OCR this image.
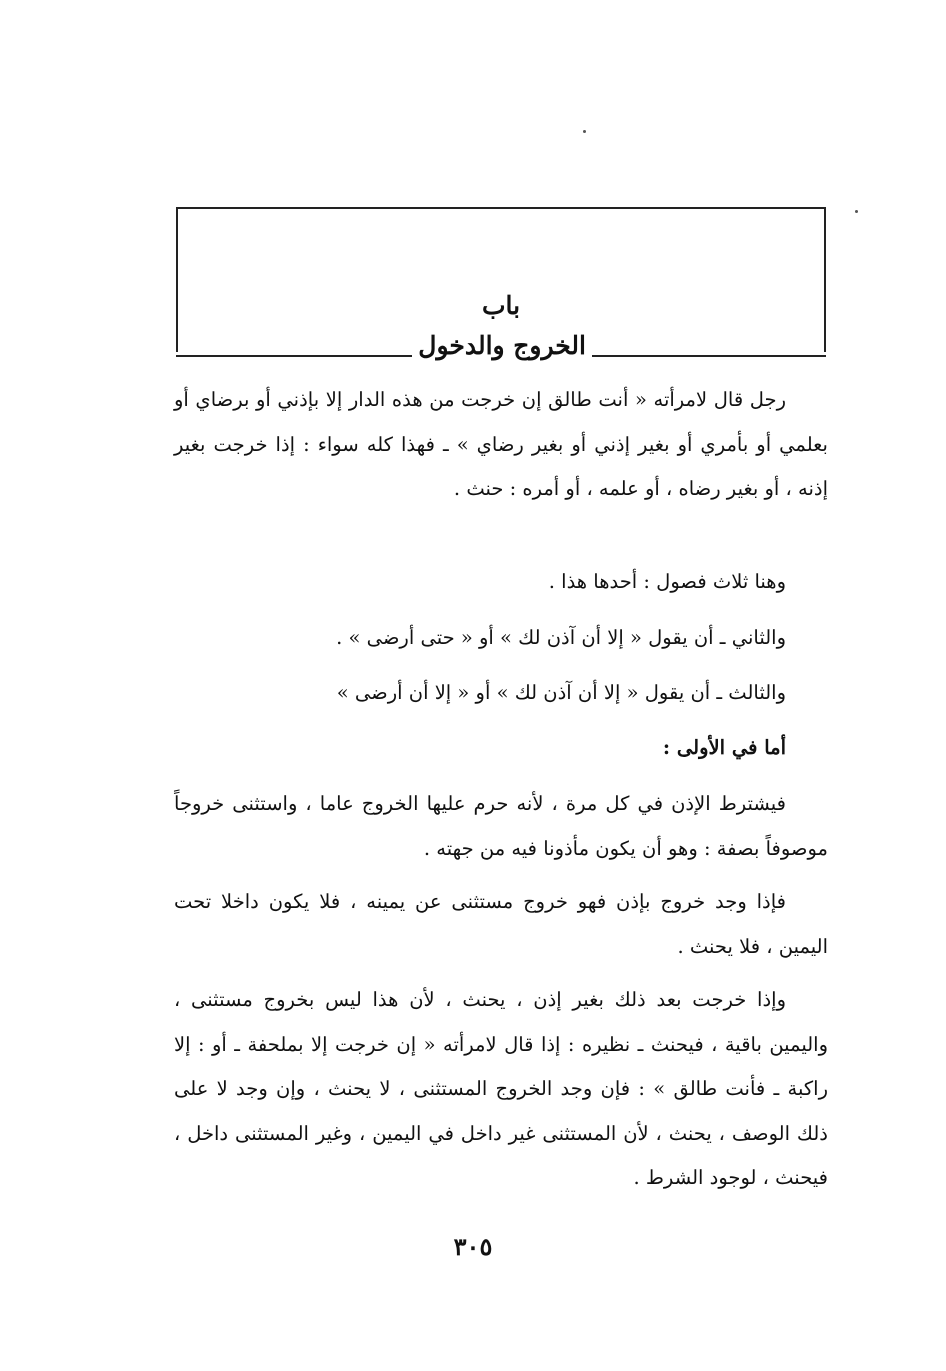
باب
الخروج والدخول

رجل قال لامرأته « أنت طالق إن خرجت من هذه الدار إلا بإذني أو برضاي أو بعلمي أو بأمري أو بغير إذني أو بغير رضاي » ـ فهذا كله سواء : إذا خرجت بغير إذنه ، أو بغير رضاه ، أو علمه ، أو أمره : حنث .

وهنا ثلاث فصول : أحدها هذا .

والثاني ـ أن يقول « إلا أن آذن لك » أو « حتى أرضى » .

والثالث ـ أن يقول « إلا أن آذن لك » أو « إلا أن أرضى »

أما في الأولى :

فيشترط الإذن في كل مرة ، لأنه حرم عليها الخروج عاما ، واستثنى خروجاً موصوفاً بصفة : وهو أن يكون مأذونا فيه من جهته .

فإذا وجد خروج بإذن فهو خروج مستثنى عن يمينه ، فلا يكون داخلا تحت اليمين ، فلا يحنث .

وإذا خرجت بعد ذلك بغير إذن ، يحنث ، لأن هذا ليس بخروج مستثنى ، واليمين باقية ، فيحنث ـ نظيره : إذا قال لامرأته « إن خرجت إلا بملحفة ـ أو : إلا راكبة ـ فأنت طالق » : فإن وجد الخروج المستثنى ، لا يحنث ، وإن وجد لا على ذلك الوصف ، يحنث ، لأن المستثنى غير داخل في اليمين ، وغير المستثنى داخل ، فيحنث ، لوجود الشرط .

٣٠٥
